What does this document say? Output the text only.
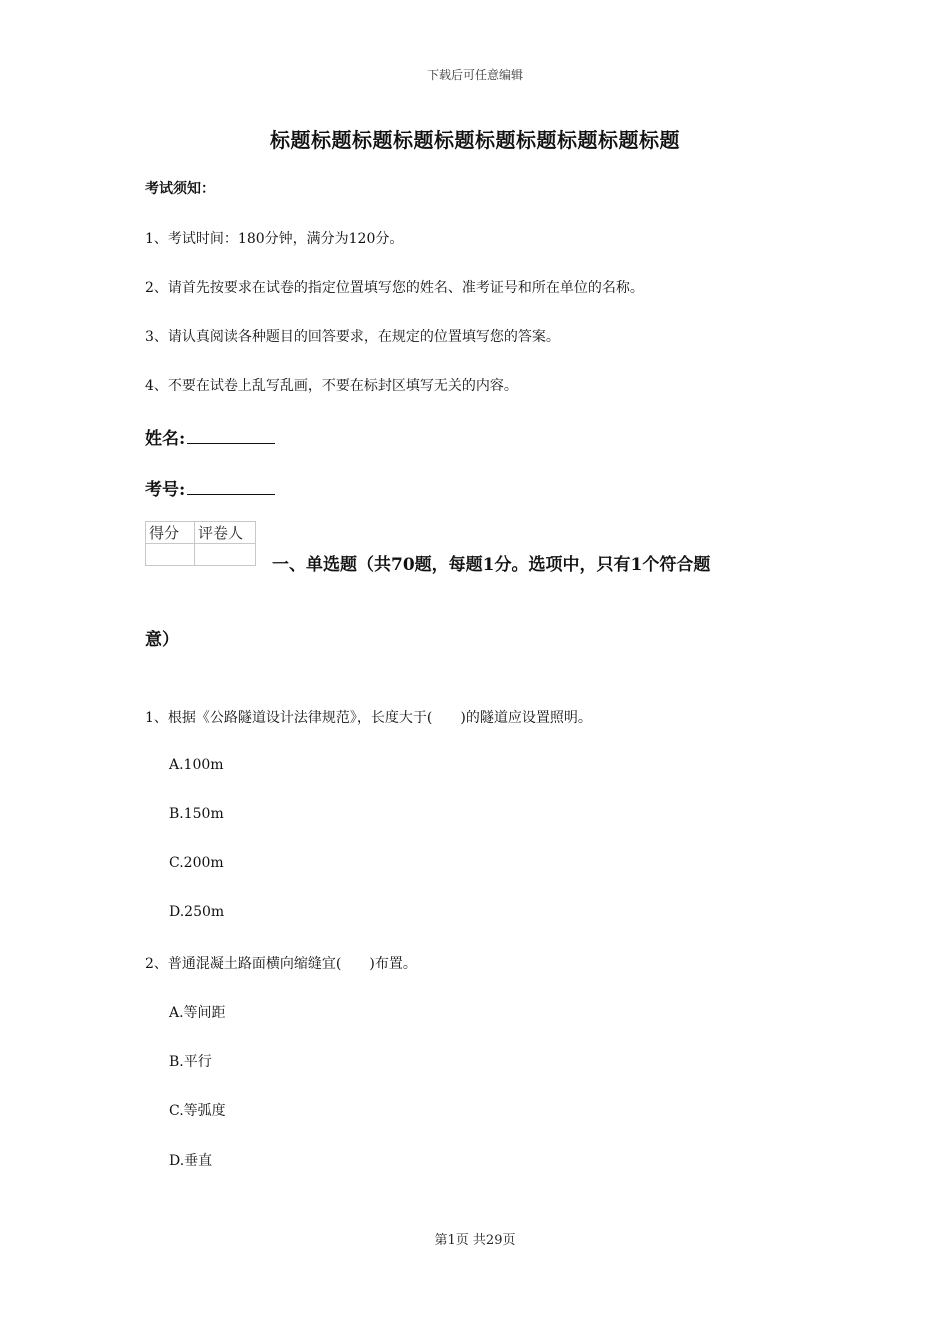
下载后可任意编辑
标题标题标题标题标题标题标题标题标题标题
考试须知：
1、考试时间：180分钟，满分为120分。
2、请首先按要求在试卷的指定位置填写您的姓名、准考证号和所在单位的名称。
3、请认真阅读各种题目的回答要求，在规定的位置填写您的答案。
4、不要在试卷上乱写乱画，不要在标封区填写无关的内容。
姓名:
考号:
得分	评卷人

一、单选题（共70题，每题1分。选项中，只有1个符合题
意）
1、根据《公路隧道设计法律规范》，长度大于(　　)的隧道应设置照明。
A.100m
B.150m
C.200m
D.250m
2、普通混凝土路面横向缩缝宜(　　)布置。
A.等间距
B.平行
C.等弧度
D.垂直
第1页 共29页
